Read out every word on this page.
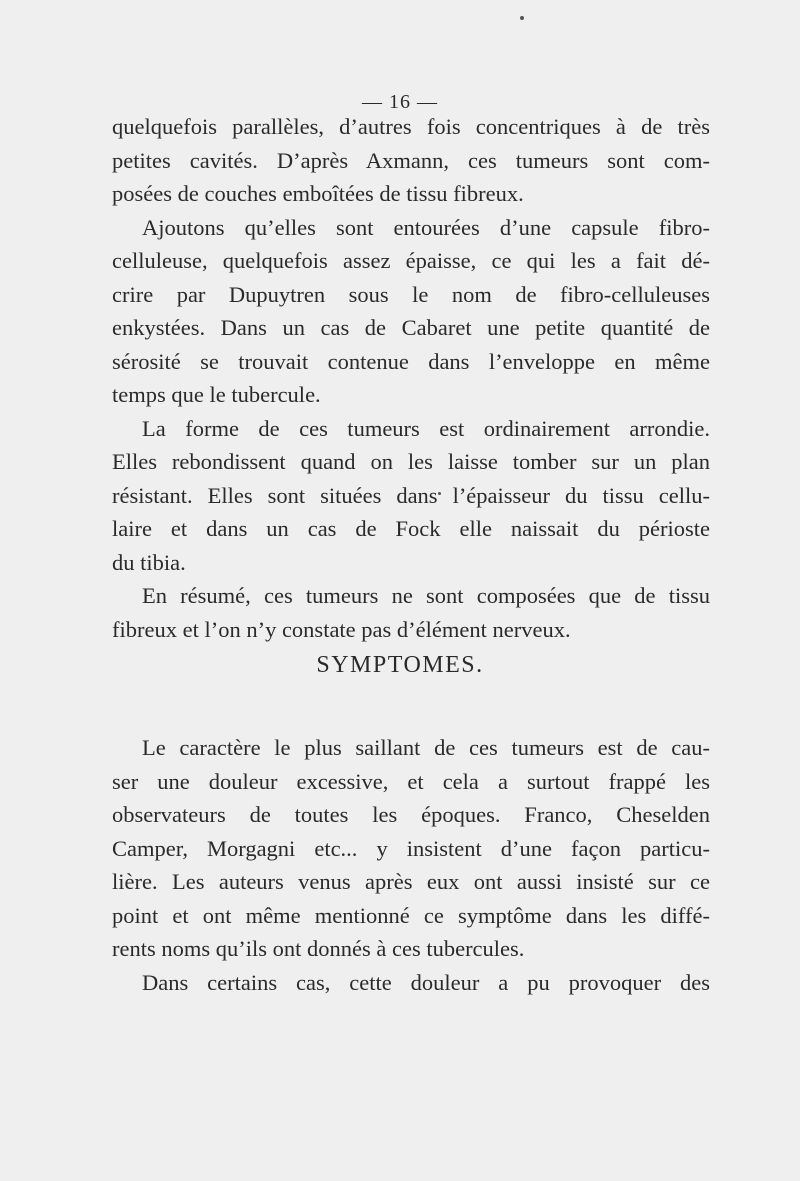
— 16 —
quelquefois parallèles, d’autres fois concentriques à de très
petites cavités. D’après Axmann, ces tumeurs sont com-
posées de couches emboîtées de tissu fibreux.
Ajoutons qu’elles sont entourées d’une capsule fibro-
celluleuse, quelquefois assez épaisse, ce qui les a fait dé-
crire par Dupuytren sous le nom de fibro-celluleuses
enkystées. Dans un cas de Cabaret une petite quantité de
sérosité se trouvait contenue dans l’enveloppe en même
temps que le tubercule.
La forme de ces tumeurs est ordinairement arrondie.
Elles rebondissent quand on les laisse tomber sur un plan
résistant. Elles sont situées dans l’épaisseur du tissu cellu-
laire et dans un cas de Fock elle naissait du périoste
du tibia.
En résumé, ces tumeurs ne sont composées que de tissu
fibreux et l’on n’y constate pas d’élément nerveux.
SYMPTOMES.
Le caractère le plus saillant de ces tumeurs est de cau-
ser une douleur excessive, et cela a surtout frappé les
observateurs de toutes les époques. Franco, Cheselden
Camper, Morgagni etc... y insistent d’une façon particu-
lière. Les auteurs venus après eux ont aussi insisté sur ce
point et ont même mentionné ce symptôme dans les diffé-
rents noms qu’ils ont donnés à ces tubercules.
Dans certains cas, cette douleur a pu provoquer des
